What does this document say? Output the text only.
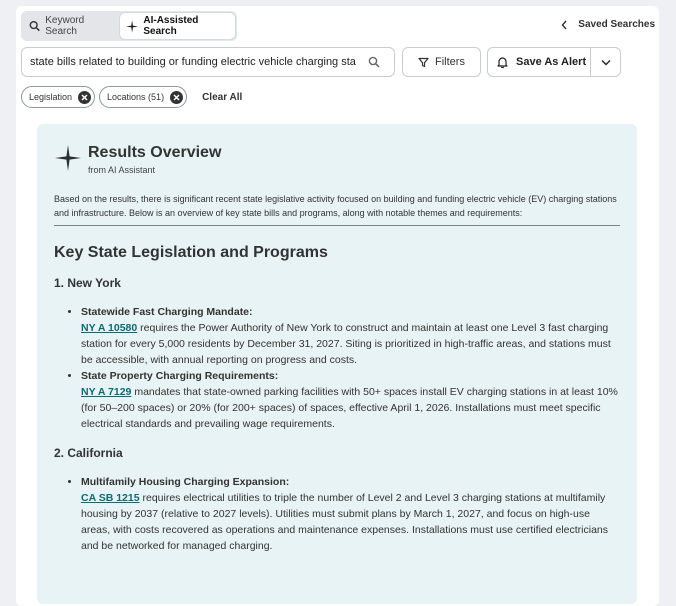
Keyword Search
AI-Assisted Search
Saved Searches
state bills related to building or funding electric vehicle charging stations
Filters	Save As Alert
Legislation	Locations (51)	Clear All
Results Overview
from AI Assistant

Based on the results, there is significant recent state legislative activity focused on building and funding electric vehicle (EV) charging stations and infrastructure. Below is an overview of key state bills and programs, along with notable themes and requirements:

Key State Legislation and Programs
1. New York
• Statewide Fast Charging Mandate:
NY A 10580 requires the Power Authority of New York to construct and maintain at least one Level 3 fast charging station for every 5,000 residents by December 31, 2027. Siting is prioritized in high-traffic areas, and stations must be accessible, with annual reporting on progress and costs.
• State Property Charging Requirements:
NY A 7129 mandates that state-owned parking facilities with 50+ spaces install EV charging stations in at least 10% (for 50–200 spaces) or 20% (for 200+ spaces) of spaces, effective April 1, 2026. Installations must meet specific electrical standards and prevailing wage requirements.
2. California
• Multifamily Housing Charging Expansion:
CA SB 1215 requires electrical utilities to triple the number of Level 2 and Level 3 charging stations at multifamily housing by 2037 (relative to 2027 levels). Utilities must submit plans by March 1, 2027, and focus on high-use areas, with costs recovered as operations and maintenance expenses. Installations must use certified electricians and be networked for managed charging.
